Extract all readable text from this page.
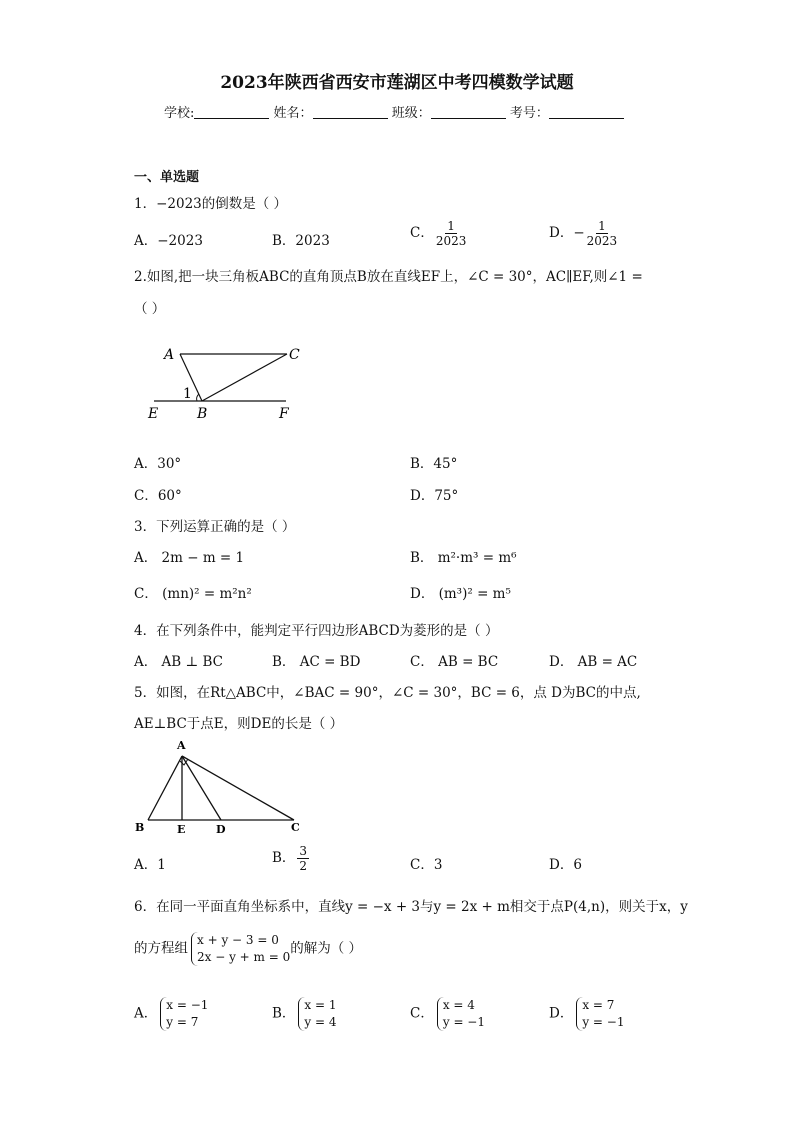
2023年陕西省西安市莲湖区中考四模数学试题
学校:	姓名：	班级：	考号：
一、单选题
1．−2023的倒数是（ ）
A．−2023	B．2023	C． $\frac{1}{2023}$	D．− $\frac{1}{2023}$
2.如图,把一块三角板ABC的直角顶点B放在直线EF上，∠C = 30°，AC∥EF,则∠1 =
（ ）
A	C
1
E	B	F
A．30°	B．45°
C．60°	D．75°
3．下列运算正确的是（ ）
A． 2m − m = 1	B． m²·m³ = m⁶
C． (mn)² = m²n²	D． (m³)² = m⁵
4．在下列条件中，能判定平行四边形ABCD为菱形的是（ ）
A． AB ⊥ BC	B． AC = BD	C． AB = BC	D． AB = AC
5．如图，在Rt△ABC中，∠BAC = 90°，∠C = 30°，BC = 6，点 D为BC的中点,
AE⊥BC于点E，则DE的长是（ ）
A
B	E	D	C
A．1	B． $\frac{3}{2}$	C．3	D．6
6．在同一平面直角坐标系中，直线y = −x + 3与y = 2x + m相交于点P(4,n)，则关于x，y
的方程组x + y − 3 = 0
2x − y + m = 0的解为（ ）
A．x = −1
y = 7
B．x = 1
y = 4
C．x = 4
y = −1
D．x = 7
y = −1
